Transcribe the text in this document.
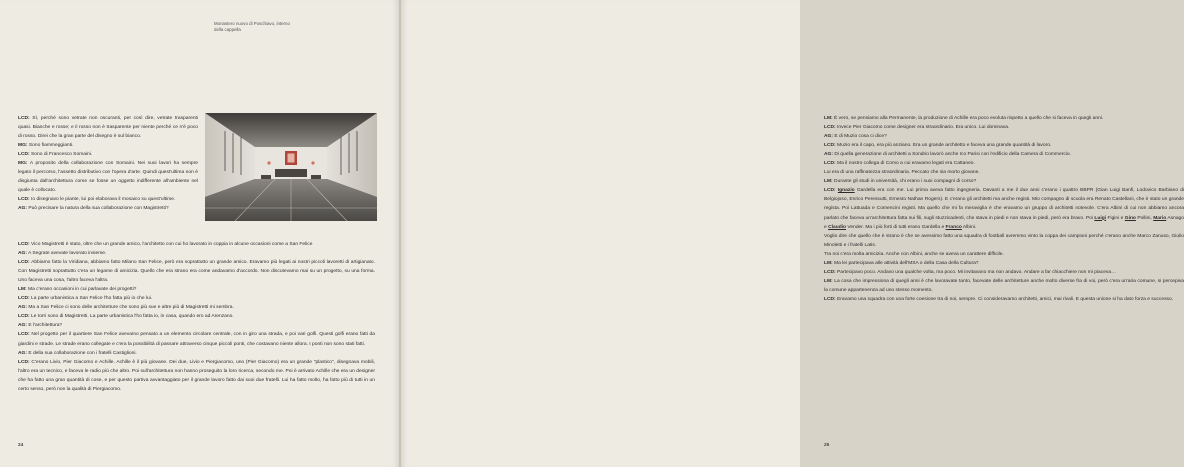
Monastero nuovo di Poschiavo, interno
della cappella

LCD: Sì, perché sono vetrate non oscuranti, per così dire, vetrate trasparenti quasi. Bianche e rosse; e il rosso non è trasparente per niente perché ce n'è poco di rosso. Direi che la gran parte del disegno è sul bianco.

MG: Sono fiammeggianti.

LCD: Sono di Francesco Somaini.

MG: A proposito della collaborazione con Somaini. Nei suoi lavori ha sempre legato il percorso, l'assetto distributivo con l'opera d'arte. Quindi quest'ultima non è disgiunta dall'architettura come se fosse un oggetto indifferente all'ambiente nel quale è collocato.

LCD: Io disegnavo le piante, lui poi elaborava il mosaico su quest'ultime.

AG: Può precisare la natura della sua collaborazione con Magistretti?

LCD: Vico Magistretti è stato, oltre che un grande amico, l'architetto con cui ho lavorato in coppia in alcune occasioni come a San Felice

AG: A Segrate avevate lavorato insieme.

LCD: Abbiamo fatto la Viridiana, abbiamo fatto Milano San Felice, però era soprattutto un grande amico. Eravamo più legati ai nostri piccoli lavoretti di artigianato. Con Magistretti soprattutto c'era un legame di amicizia. Quello che era strano era come andavamo d'accordo. Non discutevamo mai su un progetto, su una forma. Uno faceva una cosa, l'altro faceva l'altra.

LM: Ma c'erano occasioni in cui parlavate dei progetti?

LCD: La parte urbanistica a San Felice l'ho fatta più io che lui.

AG: Ma a San Felice ci sono delle architetture che sono più sue e altre più di Magistretti mi sembra.

LCD: Le torri sono di Magistretti. La parte urbanistica l'ho fatta io, in casa, quando ero ad Arenzano.

AG: E l'architettura?

LCD: Nel progetto per il quartiere San Felice avevamo pensato a un elemento circolare centrale, con in giro una strada, e poi vari golfi. Questi golfi erano fatti da giardini e strade. Le strade erano collegate e c'era la possibilità di passare attraverso cinque piccoli ponti, che costavano niente allora. I ponti non sono stati fatti.

AG: E della sua collaborazione con i fratelli Castiglioni.

LCD: C'erano Livio, Pier Giacomo e Achille. Achille è il più giovane. Dei due, Livio e Piergiacomo, uno (Pier Giacomo) era un grande "plastico", disegnava mobili, l'altro era un tecnico, e faceva le radio più che altro. Poi sull'architettura non hanno proseguito la loro ricerca, secondo me. Poi è arrivato Achille che era un designer che ha fatto una gran quantità di cose, e per questo partiva avvantaggiato per il grande lavoro fatto dai suoi due fratelli. Lui ha fatto molto, ha fatto più di tutti in un certo senso, però non la qualità di Piergiacomo.

24

LM: È vero, se pensiamo alla Permanente, la produzione di Achille era poco evoluta rispetto a quello che si faceva in quegli anni.

LCD: Invece Pier Giacomo come designer era straordinario. Era unico. Lui dominava.

AG: E di Muzio cosa ci dice?

LCD: Muzio era il capo, era più anziano. Era un grande architetto e faceva una grande quantità di lavoro.

AG: Di quella generazione di architetti a Sondrio lavorò anche Ico Parisi con l'edificio della Camera di Commercio.

LCD: Ma il nostro collega di Como a cui eravamo legati era Cattaneo.

Lui era di una raffinatezza straordinaria. Peccato che sia morto giovane.

LM: Durante gli studi in università, chi erano i suoi compagni di corso?

LCD: Ignazio Gardella era con me. Lui prima aveva fatto ingegneria. Davanti a me il due anni c'erano i quattro BBPR (Gian Luigi Banfi, Lodovico Barbiano di Belgiojoso, Enrico Peressutti, Ernesto Nathan Rogers). E c'erano gli architetti ma anche registi. Mio compagno di scuola era Renato Castellani, che è stato un grande regista. Poi Lattuada e Comencini registi. Ma quello che mi fa meraviglia è che eravamo un gruppo di architetti notevole. C'era Albini di cui non abbiamo ancora parlato che faceva un'architettura fatta sui fili, sugli stuzzicadenti, che stava in piedi e non stava in piedi, però era bravo. Poi Luigi Figini e Gino Pollini, Mario Asnago e Claudio Vender. Ma i più forti di tutti erano Gardella e Franco Albini.

Voglio dire che quello che è strano è che se avessimo fatto una squadra di football avremmo vinto la coppa dei campioni perché c'erano anche Marco Zanuso, Giulio Minoletti e i fratelli Latis.

Tra noi c'era molta amicizia. Anche con Albini, anche se aveva un carattere difficile.

LM: Ma lei partecipava alle attività dell'MSA o della Casa della Cultura?

LCD: Partecipavo poco. Andavo una qualche volta, ma poco. Mi invitavano ma non andavo. Andare a far chiacchiere non mi piaceva…

LM: La cosa che impressiona di quegli anni è che lavoravate tanto, facevate delle architetture anche molto diverse fra di voi, però c'era un'aria comune, si percepiva la comune appartenenza ad uno stesso momento.

LCD: Eravamo una squadra con una forte coesione tra di noi, sempre. Ci consideravamo architetti, amici, mai rivali. E questa unione si ha dato forza e successo.

25
